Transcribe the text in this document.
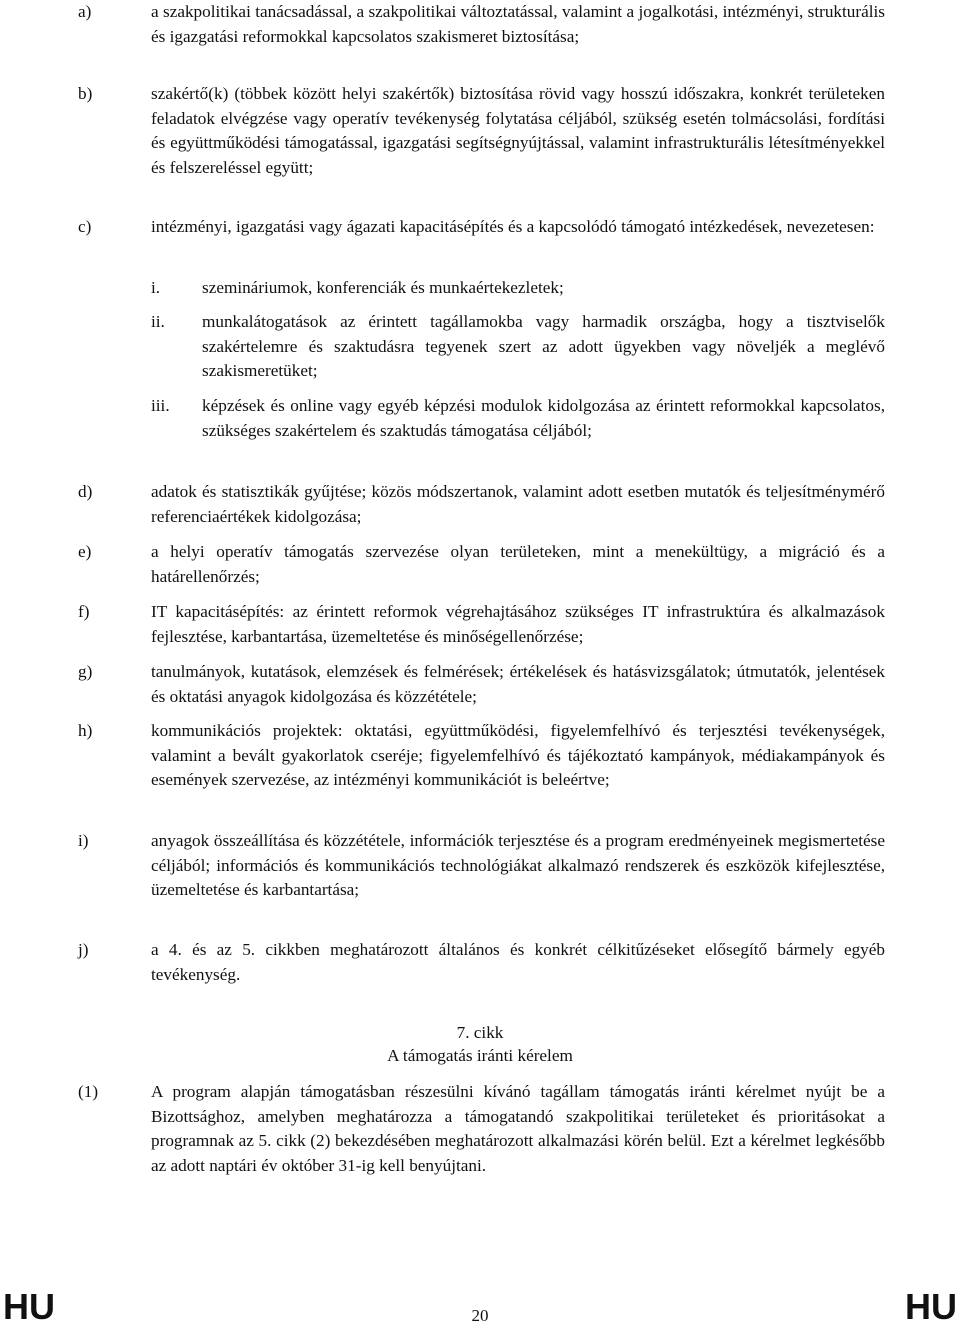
a)	a szakpolitikai tanácsadással, a szakpolitikai változtatással, valamint a jogalkotási, intézményi, strukturális és igazgatási reformokkal kapcsolatos szakismeret biztosítása;
b)	szakértő(k) (többek között helyi szakértők) biztosítása rövid vagy hosszú időszakra, konkrét területeken feladatok elvégzése vagy operatív tevékenység folytatása céljából, szükség esetén tolmácsolási, fordítási és együttműködési támogatással, igazgatási segítségnyújtással, valamint infrastrukturális létesítményekkel és felszereléssel együtt;
c)	intézményi, igazgatási vagy ágazati kapacitásépítés és a kapcsolódó támogató intézkedések, nevezetesen:
i. szemináriumok, konferenciák és munkaértekezletek;
ii. munkalátogatások az érintett tagállamokba vagy harmadik országba, hogy a tisztviselők szakértelemre és szaktudásra tegyenek szert az adott ügyekben vagy növeljék a meglévő szakismeretüket;
iii. képzések és online vagy egyéb képzési modulok kidolgozása az érintett reformokkal kapcsolatos, szükséges szakértelem és szaktudás támogatása céljából;
d)	adatok és statisztikák gyűjtése; közös módszertanok, valamint adott esetben mutatók és teljesítménymérő referenciaértékek kidolgozása;
e)	a helyi operatív támogatás szervezése olyan területeken, mint a menekültügy, a migráció és a határellenőrzés;
f)	IT kapacitásépítés: az érintett reformok végrehajtásához szükséges IT infrastruktúra és alkalmazások fejlesztése, karbantartása, üzemeltetése és minőségellenőrzése;
g)	tanulmányok, kutatások, elemzések és felmérések; értékelések és hatásvizsgálatok; útmutatók, jelentések és oktatási anyagok kidolgozása és közzététele;
h)	kommunikációs projektek: oktatási, együttműködési, figyelemfelhívó és terjesztési tevékenységek, valamint a bevált gyakorlatok cseréje; figyelemfelhívó és tájékoztató kampányok, médiakampányok és események szervezése, az intézményi kommunikációt is beleértve;
i)	anyagok összeállítása és közzététele, információk terjesztése és a program eredményeinek megismertetése céljából; információs és kommunikációs technológiákat alkalmazó rendszerek és eszközök kifejlesztése, üzemeltetése és karbantartása;
j)	a 4. és az 5. cikkben meghatározott általános és konkrét célkitűzéseket elősegítő bármely egyéb tevékenység.
7. cikk
A támogatás iránti kérelem
(1)	A program alapján támogatásban részesülni kívánó tagállam támogatás iránti kérelmet nyújt be a Bizottsághoz, amelyben meghatározza a támogatandó szakpolitikai területeket és prioritásokat a programnak az 5. cikk (2) bekezdésében meghatározott alkalmazási körén belül. Ezt a kérelmet legkésőbb az adott naptári év október 31-ig kell benyújtani.
HU	20	HU
